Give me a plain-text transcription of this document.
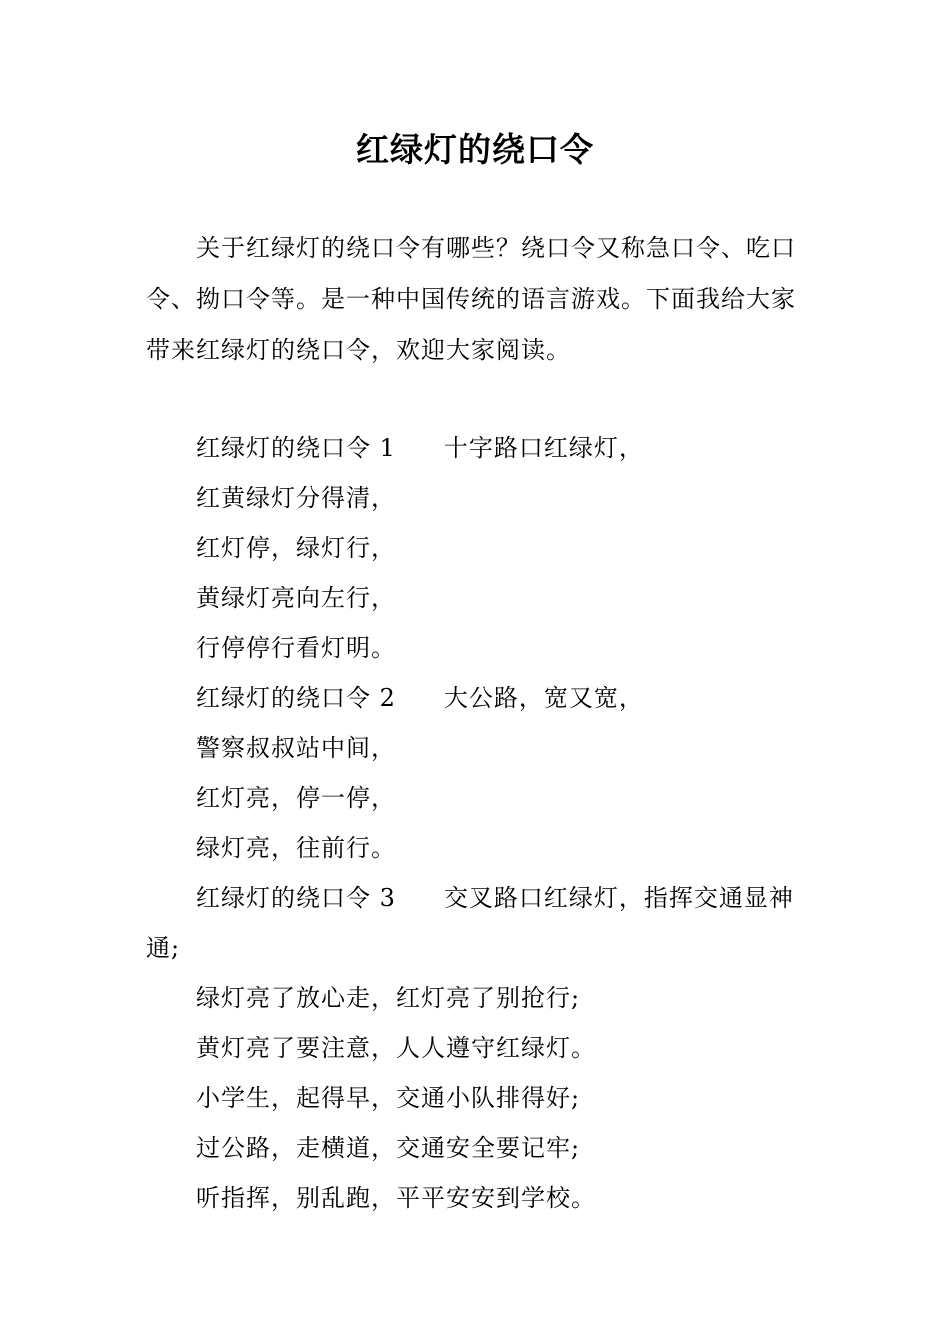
红绿灯的绕口令

关于红绿灯的绕口令有哪些？绕口令又称急口令、吃口令、拗口令等。是一种中国传统的语言游戏。下面我给大家带来红绿灯的绕口令，欢迎大家阅读。

红绿灯的绕口令 1 十字路口红绿灯，
红黄绿灯分得清，
红灯停，绿灯行，
黄绿灯亮向左行，
行停停行看灯明。
红绿灯的绕口令 2 大公路，宽又宽，
警察叔叔站中间，
红灯亮，停一停，
绿灯亮，往前行。
红绿灯的绕口令 3 交叉路口红绿灯，指挥交通显神
通;
绿灯亮了放心走，红灯亮了别抢行;
黄灯亮了要注意，人人遵守红绿灯。
小学生，起得早，交通小队排得好;
过公路，走横道，交通安全要记牢;
听指挥，别乱跑，平平安安到学校。
